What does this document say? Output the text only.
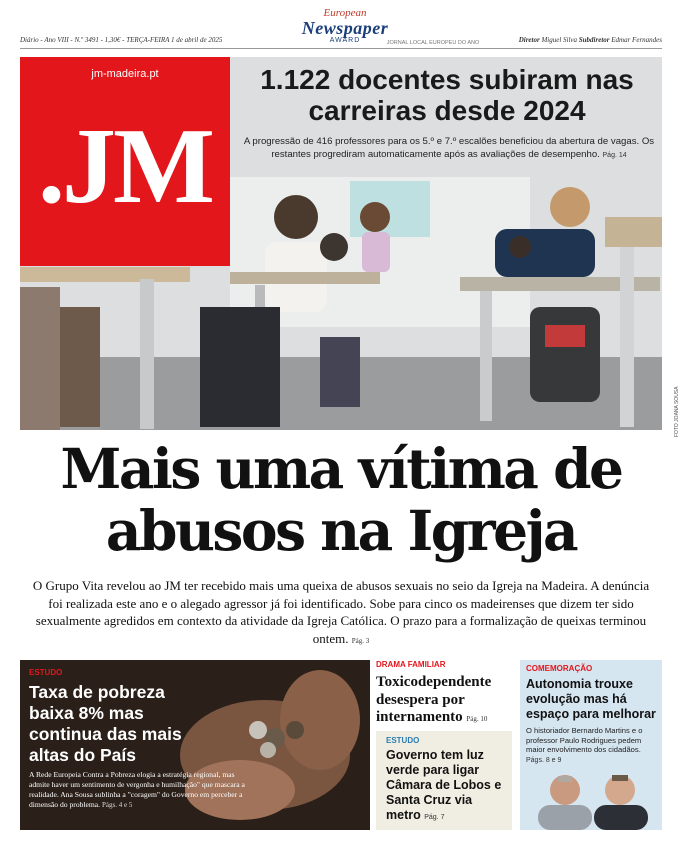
European
Newspaper
AWARD
Diário - Ano VIII - N.º 3491 - 1,30€ - TERÇA-FEIRA 1 de abril de 2025	JORNAL LOCAL EUROPEU DO ANO	Diretor Miguel Silva Subdiretor Edmar Fernandes
FOTO JOANA SOUSA
jm-madeira.pt
.JM
1.122 docentes subiram nas carreiras desde 2024
A progressão de 416 professores para os 5.º e 7.º escalões beneficiou da abertura de vagas. Os restantes progrediram automaticamente após as avaliações de desempenho. Pág. 14
Mais uma vítima de abusos na Igreja
O Grupo Vita revelou ao JM ter recebido mais uma queixa de abusos sexuais no seio da Igreja na Madeira. A denúncia foi realizada este ano e o alegado agressor já foi identificado. Sobe para cinco os madeirenses que dizem ter sido sexualmente agredidos em contexto da atividade da Igreja Católica. O prazo para a formalização de queixas terminou ontem. Pág. 3
ESTUDO
Taxa de pobreza baixa 8% mas continua das mais altas do País
A Rede Europeia Contra a Pobreza elogia a estratégia regional, mas admite haver um sentimento de vergonha e humilhação" que mascara a realidade. Ana Sousa sublinha a "coragem" do Governo em perceber a dimensão do problema. Págs. 4 e 5
DRAMA FAMILIAR
Toxicodependente desespera por internamento Pág. 10
ESTUDO
Governo tem luz verde para ligar Câmara de Lobos e Santa Cruz via metro Pág. 7
COMEMORAÇÃO
Autonomia trouxe evolução mas há espaço para melhorar
O historiador Bernardo Martins e o professor Paulo Rodrigues pedem maior envolvimento dos cidadãos. Págs. 8 e 9
